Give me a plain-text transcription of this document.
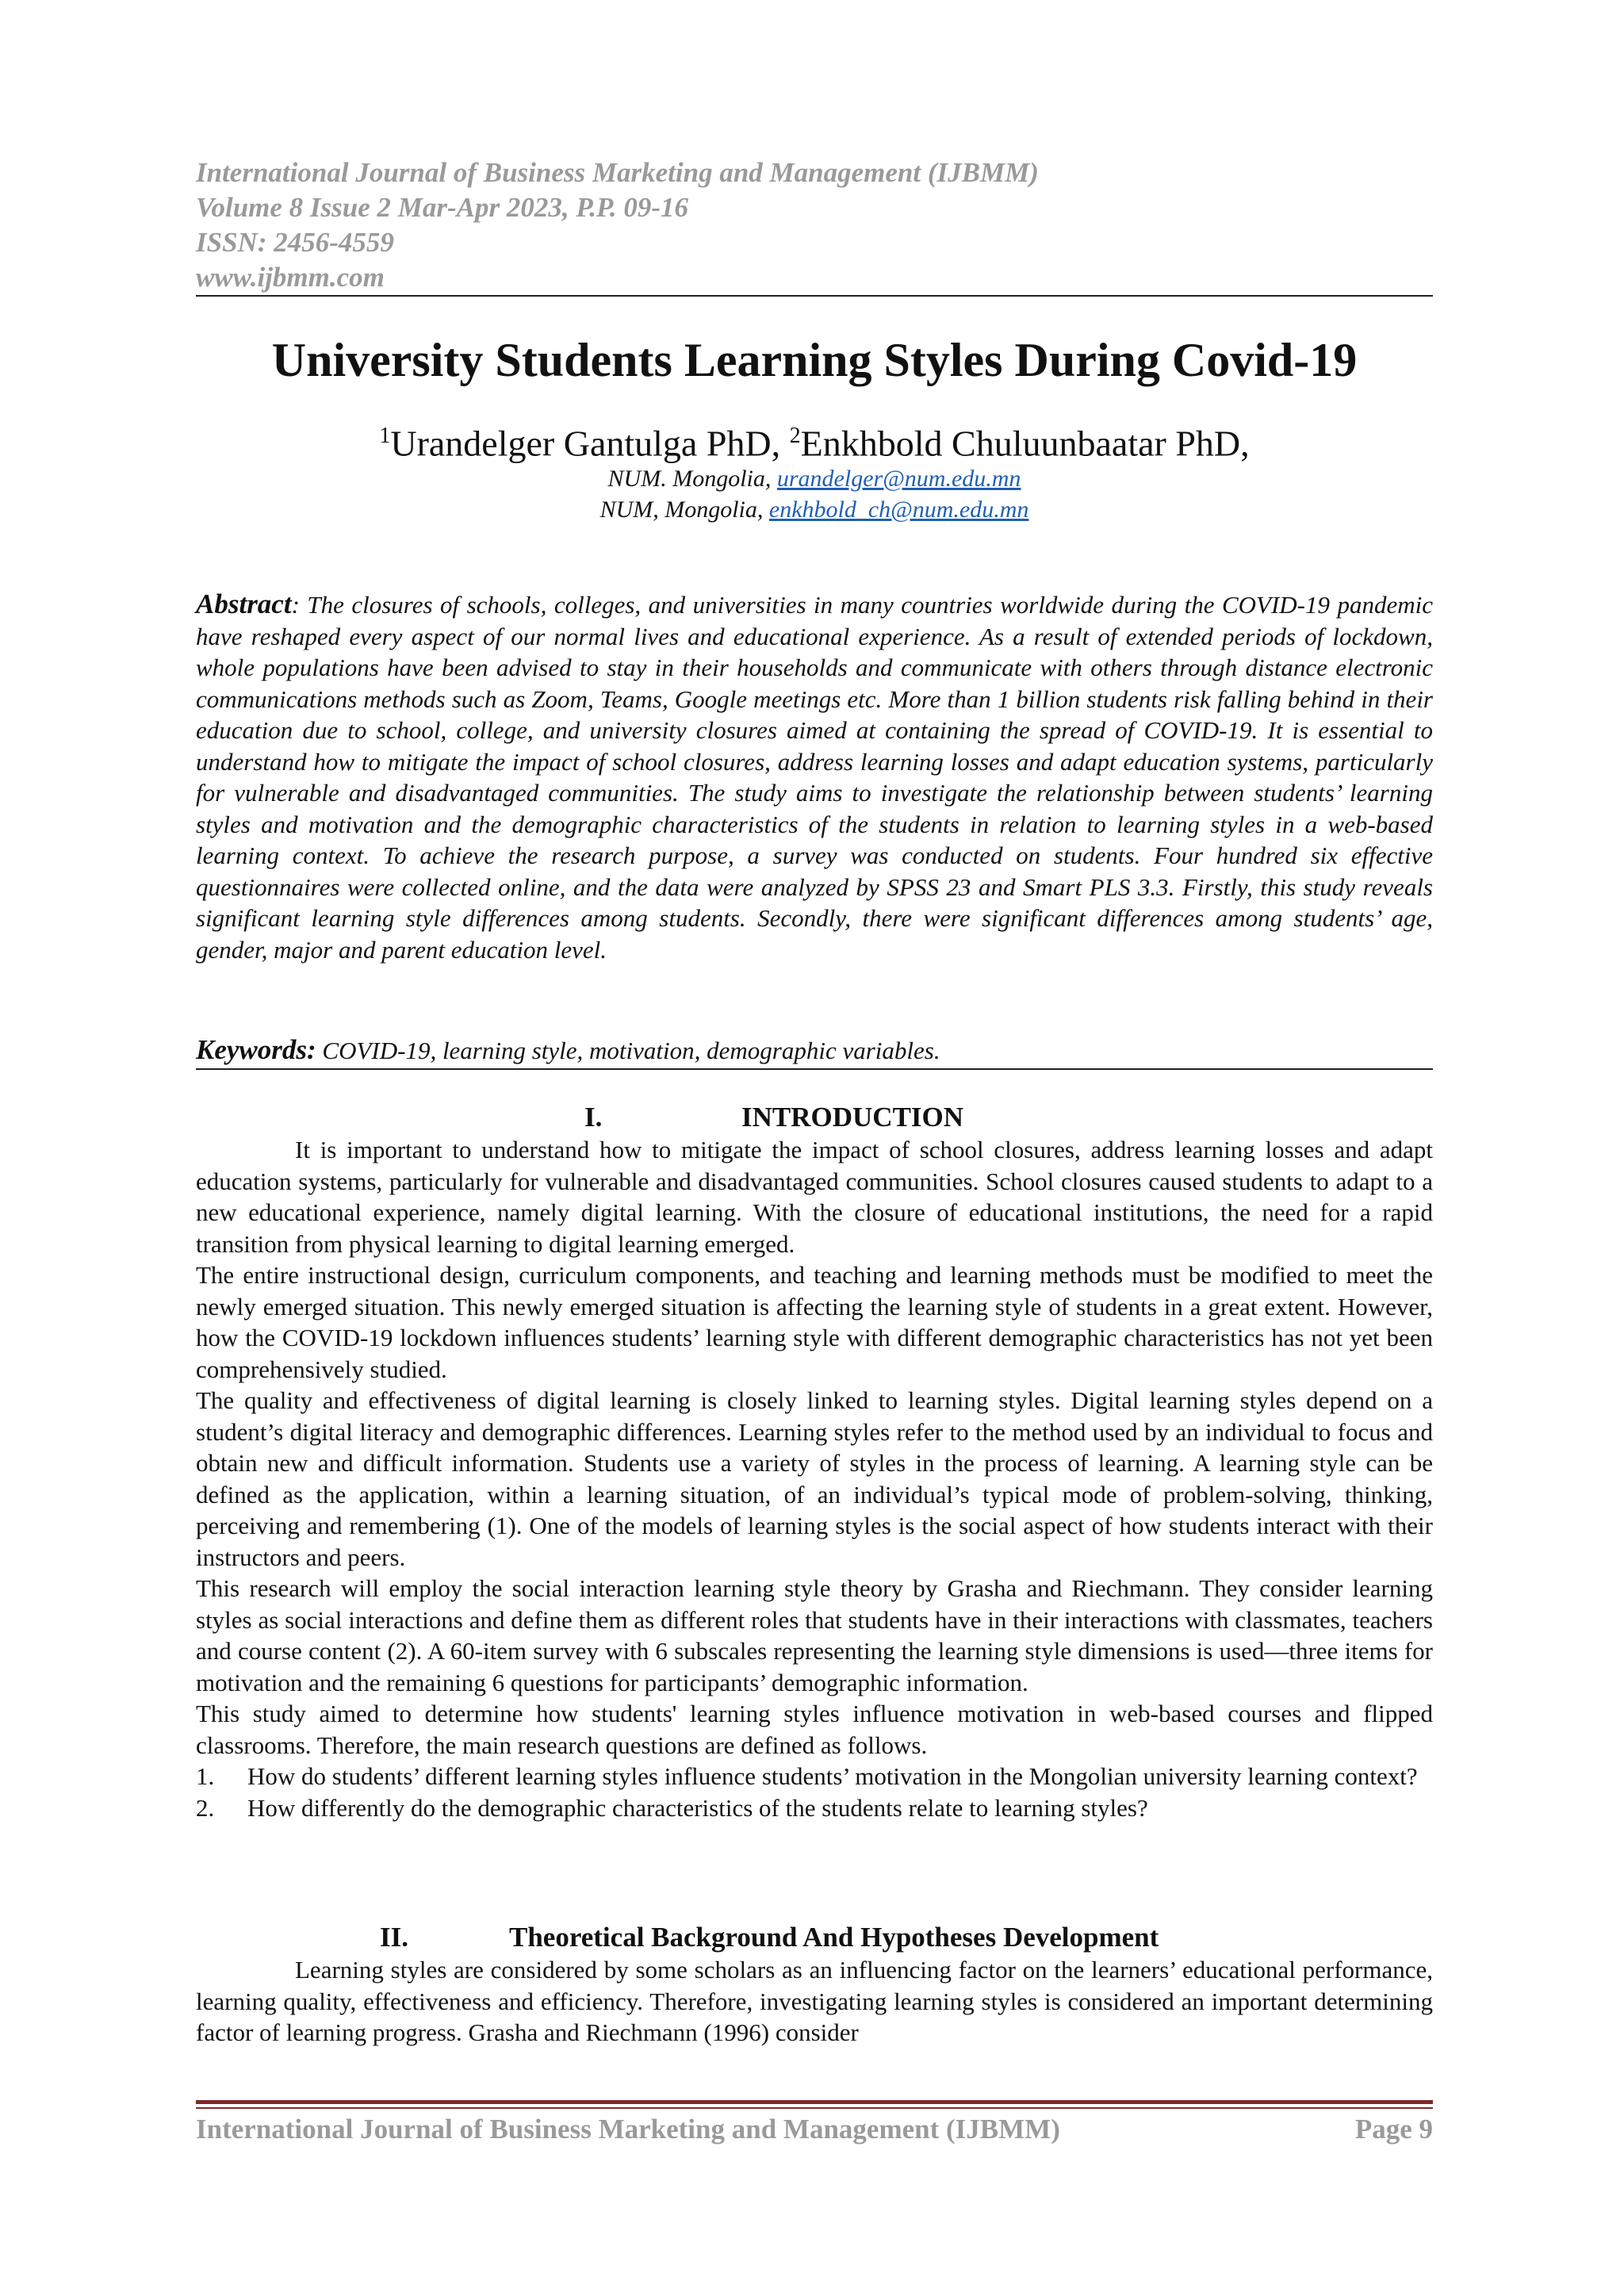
International Journal of Business Marketing and Management (IJBMM)
Volume 8 Issue 2 Mar-Apr 2023, P.P. 09-16
ISSN: 2456-4559
www.ijbmm.com
University Students Learning Styles During Covid-19
$^1$Urandelger Gantulga PhD, $^2$Enkhbold Chuluunbaatar PhD,
NUM. Mongolia, urandelger@num.edu.mn
NUM, Mongolia, enkhbold_ch@num.edu.mn
Abstract: The closures of schools, colleges, and universities in many countries worldwide during the COVID-19 pandemic have reshaped every aspect of our normal lives and educational experience. As a result of extended periods of lockdown, whole populations have been advised to stay in their households and communicate with others through distance electronic communications methods such as Zoom, Teams, Google meetings etc. More than 1 billion students risk falling behind in their education due to school, college, and university closures aimed at containing the spread of COVID-19. It is essential to understand how to mitigate the impact of school closures, address learning losses and adapt education systems, particularly for vulnerable and disadvantaged communities. The study aims to investigate the relationship between students’ learning styles and motivation and the demographic characteristics of the students in relation to learning styles in a web-based learning context. To achieve the research purpose, a survey was conducted on students. Four hundred six effective questionnaires were collected online, and the data were analyzed by SPSS 23 and Smart PLS 3.3. Firstly, this study reveals significant learning style differences among students. Secondly, there were significant differences among students’ age, gender, major and parent education level.
Keywords: COVID-19, learning style, motivation, demographic variables.
I.	INTRODUCTION

It is important to understand how to mitigate the impact of school closures, address learning losses and adapt education systems, particularly for vulnerable and disadvantaged communities. School closures caused students to adapt to a new educational experience, namely digital learning. With the closure of educational institutions, the need for a rapid transition from physical learning to digital learning emerged.

The entire instructional design, curriculum components, and teaching and learning methods must be modified to meet the newly emerged situation. This newly emerged situation is affecting the learning style of students in a great extent. However, how the COVID-19 lockdown influences students’ learning style with different demographic characteristics has not yet been comprehensively studied.

The quality and effectiveness of digital learning is closely linked to learning styles. Digital learning styles depend on a student’s digital literacy and demographic differences. Learning styles refer to the method used by an individual to focus and obtain new and difficult information. Students use a variety of styles in the process of learning. A learning style can be defined as the application, within a learning situation, of an individual’s typical mode of problem-solving, thinking, perceiving and remembering (1). One of the models of learning styles is the social aspect of how students interact with their instructors and peers.

This research will employ the social interaction learning style theory by Grasha and Riechmann. They consider learning styles as social interactions and define them as different roles that students have in their interactions with classmates, teachers and course content (2). A 60-item survey with 6 subscales representing the learning style dimensions is used—three items for motivation and the remaining 6 questions for participants’ demographic information.

This study aimed to determine how students' learning styles influence motivation in web-based courses and flipped classrooms. Therefore, the main research questions are defined as follows.

1. How do students’ different learning styles influence students’ motivation in the Mongolian university learning context?
2. How differently do the demographic characteristics of the students relate to learning styles?
II.	Theoretical Background And Hypotheses Development

Learning styles are considered by some scholars as an influencing factor on the learners’ educational performance, learning quality, effectiveness and efficiency. Therefore, investigating learning styles is considered an important determining factor of learning progress. Grasha and Riechmann (1996) consider

International Journal of Business Marketing and Management (IJBMM)	Page 9
